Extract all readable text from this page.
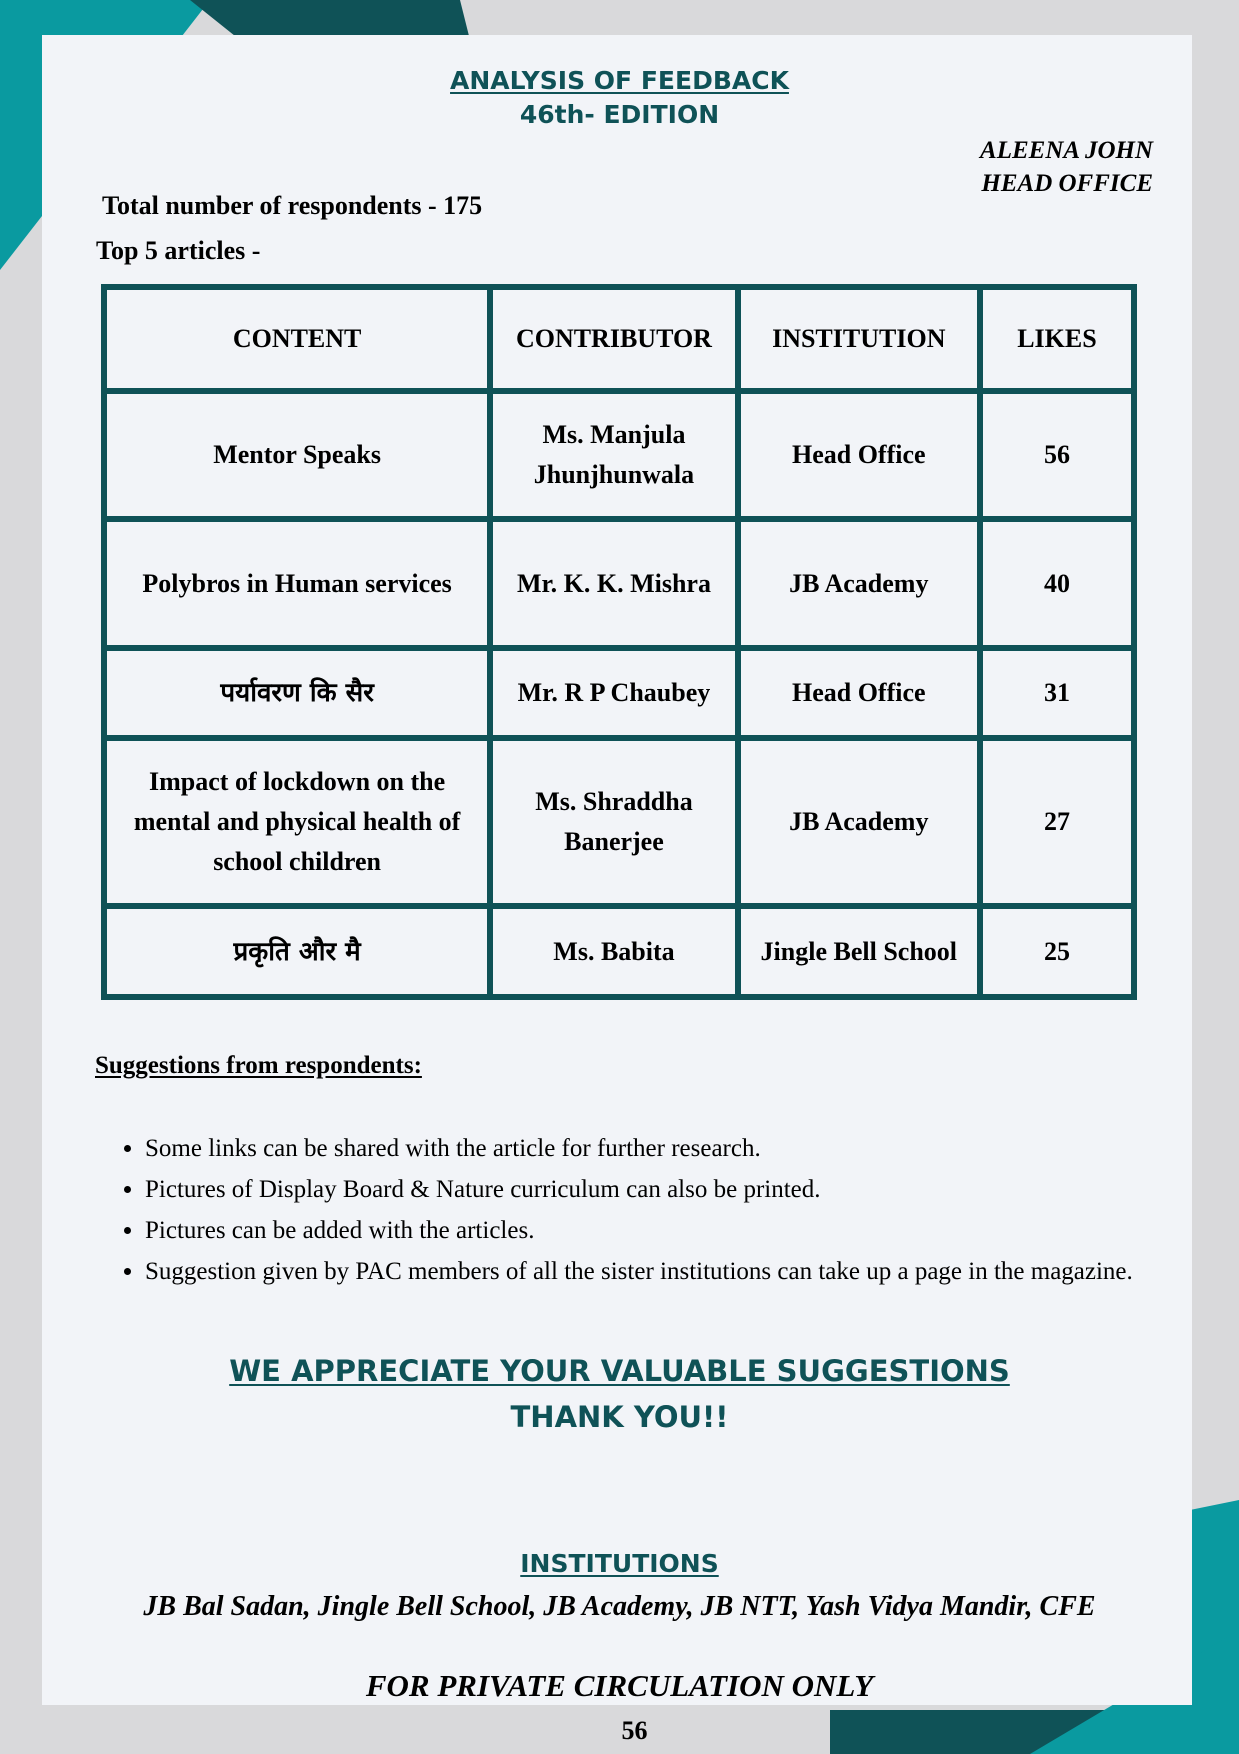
ANALYSIS OF FEEDBACK
46th- EDITION
ALEENA JOHN
HEAD OFFICE
Total number of respondents - 175
Top 5 articles -
CONTENT	CONTRIBUTOR	INSTITUTION	LIKES
Mentor Speaks	Ms. Manjula Jhunjhunwala	Head Office	56
Polybros in Human services	Mr. K. K. Mishra	JB Academy	40
पर्यावरण कि सैर	Mr. R P Chaubey	Head Office	31
Impact of lockdown on the mental and physical health of school children	Ms. Shraddha Banerjee	JB Academy	27
प्रकृति और मै	Ms. Babita	Jingle Bell School	25
Suggestions from respondents:
• Some links can be shared with the article for further research.
• Pictures of Display Board & Nature curriculum can also be printed.
• Pictures can be added with the articles.
• Suggestion given by PAC members of all the sister institutions can take up a page in the magazine.
WE APPRECIATE YOUR VALUABLE SUGGESTIONS
THANK YOU!!
INSTITUTIONS
JB Bal Sadan, Jingle Bell School, JB Academy, JB NTT, Yash Vidya Mandir, CFE
FOR PRIVATE CIRCULATION ONLY
56
